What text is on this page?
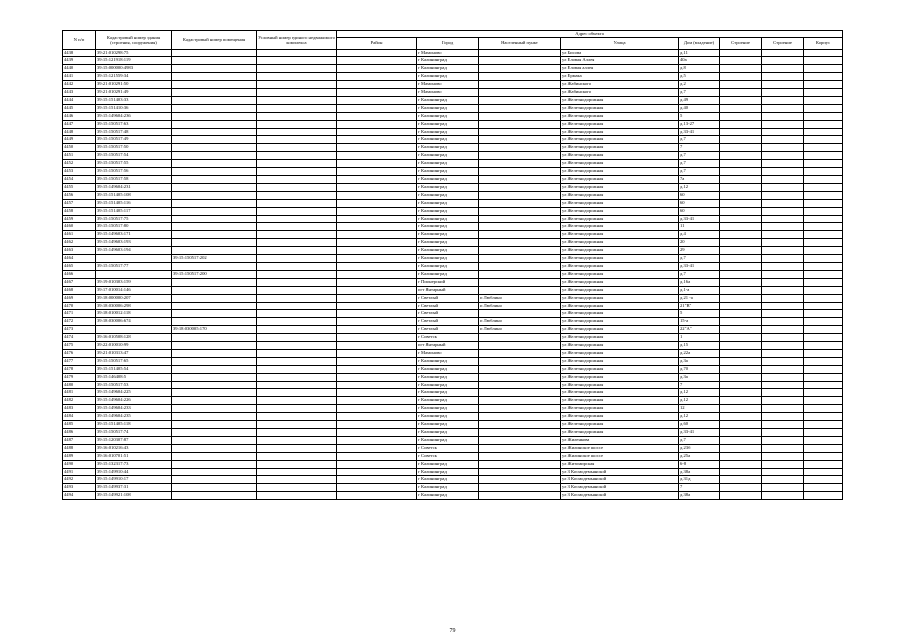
N п/п	Кадастровый номер здания (строения, сооружения)	Кадастровый номер помещения	Условный номер единого недвижимого комплекса	Адрес объекта							
				Район	Город	Населенный пункт	Улица	Дом (владение)	Строение	Строение	Корпус
4438	39:21:010298:75				г Мамоново		ул Бисова	д.11			
4439	39:15:121918:119				г Калининград		ул Еловая Аллея	40а			
4440	39:15:000000:4983				г Калининград		ул Еловая аллея	д.8			
4441	39:15:121559:34				г Калининград		ул Ермака	д.5			
4442	39:21:010291:50				г Мамоново		ул Жабинского	д.2			
4443	39:21:010291:49				г Мамоново		ул Жабинского	д.7			
4444	39:15:151403:33				г Калининград		ул Железнодорожная	д.49			
4445	39:15:151410:36				г Калининград		ул Железнодорожная	д.40			
4446	39:15:149604:236				г Калининград		ул Железнодорожная	5			
4447	39:15:150517:63				г Калининград		ул Железнодорожная	д.13-27			
4448	39:15:150517:48				г Калининград		ул Железнодорожная	д.33-41			
4449	39:15:150517:49				г Калининград		ул Железнодорожная	д.7			
4450	39:15:150517:50				г Калининград		ул Железнодорожная	7			
4451	39:15:150517:54				г Калининград		ул Железнодорожная	д.7			
4452	39:15:150517:55				г Калининград		ул Железнодорожная	д.7			
4453	39:15:150517:56				г Калининград		ул Железнодорожная	д.7			
4454	39:15:150517:58				г Калининград		ул Железнодорожная	7а			
4455	39:15:149604:231				г Калининград		ул Железнодорожная	д.12			
4456	39:15:151405:108				г Калининград		ул Железнодорожная	60			
4457	39:15:151405:116				г Калининград		ул Железнодорожная	60			
4458	39:15:151405:117				г Калининград		ул Железнодорожная	60			
4459	39:15:150517:75				г Калининград		ул Железнодорожная	д.33-41			
4460	39:15:150517:80				г Калининград		ул Железнодорожная	11			
4461	39:15:149603:171				г Калининград		ул Железнодорожная	д.4			
4462	39:15:149603:193				г Калининград		ул Железнодорожная	20			
4463	39:15:149603:194				г Калининград		ул Железнодорожная	29			
4464		39:15:150517:202			г Калининград		ул Железнодорожная	д.7			
4465	39:15:150517:77				г Калининград		ул Железнодорожная	д.33-41			
4466		39:15:150517:200			г Калининград		ул Железнодорожная	д.7			
4467	39:19:010303:159				г Пионерский		ул Железнодорожная	д.16а			
4468	39:17:010014:146				пгт Янтарный		ул Железнодорожная	д.1-а			
4469	39:18:000000:207				г Светлый	п Люблино	ул Железнодорожная	д.21 -а			
4470	39:18:030006:298				г Светлый	п Люблино	ул Железнодорожная	21"В"			
4471	39:18:010012:118				г Светлый		ул Железнодорожная	5			
4472	39:18:030006:674				г Светлый	п Люблино	ул Железнодорожная	15-а			
4473		39:18:030005:170			г Светлый	п Люблино	ул Железнодорожная	22"А"			
4474	39:16:010508:128				г Советск		ул Железнодорожная	1			
4475	39:22:010010:99				пгт Янтарный		ул Железнодорожная	д.15			
4476	39:21:010313:47				г Мамоново		ул Железнодорожная	д.22а			
4477	39:15:150517:65				г Калининград		ул Железнодорожная	д.3а			
4478	39:15:151405:54				г Калининград		ул Железнодорожная	д.70			
4479	39:15:146408:5				г Калининград		ул Железнодорожная	д.3а			
4480	39:15:150517:53				г Калининград		ул Железнодорожная	7			
4481	39:15:149604:225				г Калининград		ул Железнодорожная	д.12			
4482	39:15:149604:226				г Калининград		ул Железнодорожная	д.12			
4483	39:15:149604:233				г Калининград		ул Железнодорожная	12			
4484	39:15:149604:235				г Калининград		ул Железнодорожная	д.12			
4485	39:15:151405:118				г Калининград		ул Железнодорожная	д.60			
4486	39:15:150517:74				г Калининград		ул Железнодорожная	д.33-41			
4487	39:15:120307:87				г Калининград		ул Жиленкова	д.7			
4488	39:16:010216:43				г Советск		ул Жилинское шоссе	д.23б			
4489	39:16:010701:51				г Советск		ул Жилинское шоссе	д.25а			
4490	39:15:132317:73				г Калининград		ул Житомирская	6-8			
4491	39:15:149910:44				г Калининград		ул З Космодемьянской	д.38а			
4492	39:15:149910:17				г Калининград		ул З Космодемьянской	д.31д			
4493	39:15:149937:31				г Калининград		ул З Космодемьянской	7			
4494	39:15:149921:108				г Калининград		ул З Космодемьянской	д.38а			
79
